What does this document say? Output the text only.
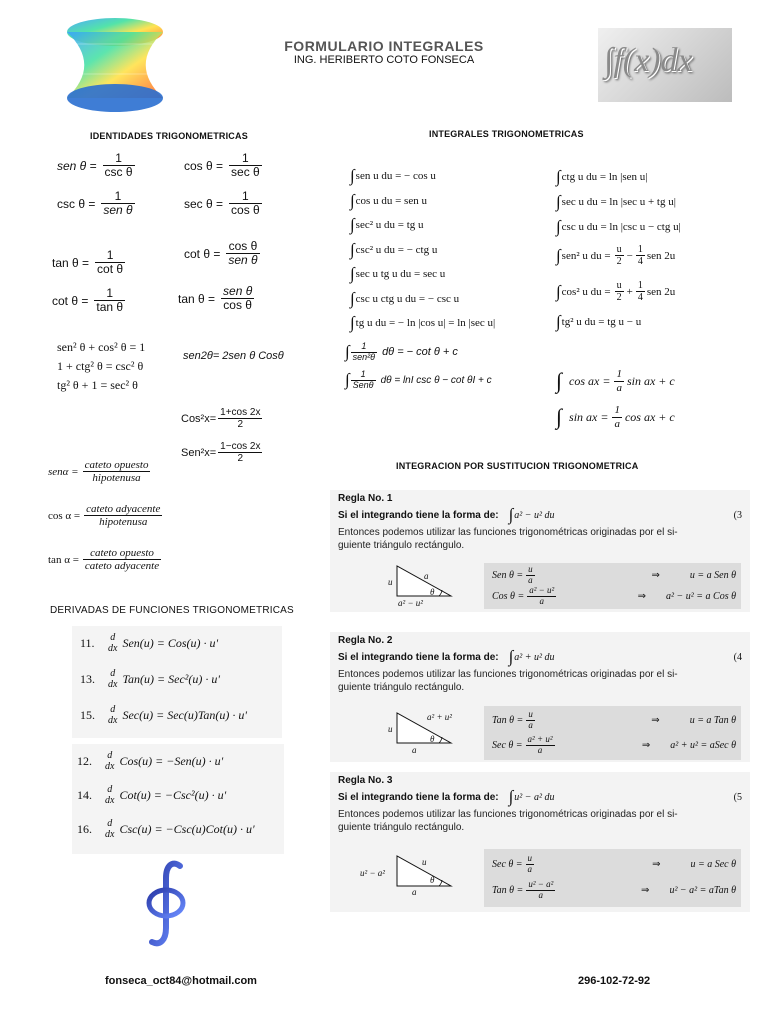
FORMULARIO INTEGRALES
ING. HERIBERTO COTO FONSECA	∫f(x)dx
IDENTIDADES TRIGONOMETRICAS
sen $\theta = \frac{1}{\text{csc θ}}$	$\cos \theta = \frac{1}{\text{sec θ}}$
$\csc \theta = \frac{1}{\text{sen θ}}$	$\sec \theta = \frac{1}{\text{cos θ}}$
$\tan \theta = \frac{1}{\text{cot θ}}$	$\cot \theta = \frac{\text{cos θ}}{\text{sen θ}}$
$\cot \theta = \frac{1}{\text{tan θ}}$	$\tan \theta = \frac{\text{sen θ}}{\text{cos θ}}$
sen² θ + cos² θ = 1
1 + ctg² θ = csc² θ
tg² θ + 1 = sec² θ
sen2θ= 2sen θ Cosθ
$Cos^2x= \frac{1+\cos 2x}{2}$
$Sen^2x= \frac{1-\cos 2x}{2}$
$sen\alpha = \frac{\text{cateto opuesto}}{\text{hipotenusa}}$
$\cos \alpha = \frac{\text{cateto adyacente}}{\text{hipotenusa}}$
$\tan \alpha = \frac{\text{cateto opuesto}}{\text{cateto adyacente}}$
INTEGRALES TRIGONOMETRICAS
∫ sen u du = − cos u
∫ cos u du = sen u
∫ sec² u du = tg u
∫ csc² u du = − ctg u
∫ sec u tg u du = sec u
∫ csc u ctg u du = − csc u
∫ tg u du = − ln |cos u| = ln |sec u|
∫ ctg u du = ln |sen u|
∫ sec u du = ln |sec u + tg u|
∫ csc u du = ln |csc u − ctg u|
∫ sen² u du = $\frac{u}{2} - \frac{1}{4}$ sen 2u
∫ cos² u du = $\frac{u}{2} + \frac{1}{4}$ sen 2u
∫ tg² u du = tg u − u
∫ $\frac{1}{\text{sen²θ}}$ dθ = − cot θ + c
∫ $\frac{1}{\text{Senθ}}$ dθ = lnI csc θ − cot θI + c	∫ cos ax = $\frac{1}{a}$ sin ax + c
∫ sin ax = $\frac{1}{a}$ cos ax + c
INTEGRACION POR SUSTITUCION TRIGONOMETRICA
Regla No. 1
Si el integrando tiene la forma de: ∫ a² − u² du	(3
Entonces podemos utilizar las funciones trigonométricas originadas por el si-
guiente triángulo rectángulo.
u
a
θ
a² − u²
Sen $\theta = \frac{u}{a}$	⇒	u = a Sen θ
Cos $\theta = \frac{\text{a² − u²}}{a}$	⇒ a² − u² = a Cos θ
Regla No. 2
Si el integrando tiene la forma de: ∫ a² + u² du	(4
Entonces podemos utilizar las funciones trigonométricas originadas por el si-
guiente triángulo rectángulo.
u
a² + u²
θ
a
Tan $\theta = \frac{u}{a}$	⇒	u = a Tan θ
Sec $\theta = \frac{\text{a² + u²}}{a}$	⇒ a² + u² = aSec θ
Regla No. 3
Si el integrando tiene la forma de: ∫ u² − a² du	(5
Entonces podemos utilizar las funciones trigonométricas originadas por el si-
guiente triángulo rectángulo.
u² − a²
u
θ
a
Sec $\theta = \frac{u}{a}$	⇒	u = a Sec θ
Tan $\theta = \frac{\text{u² − a²}}{a}$	⇒ u² − a² = aTan θ
DERIVADAS DE FUNCIONES TRIGONOMETRICAS
11.	d
dx Sen(u) = Cos(u) · u'
13.	d
dx Tan(u) = Sec²(u) · u'
15.	d
dx Sec(u) = Sec(u)Tan(u) · u'
12.	d
dx Cos(u) = −Sen(u) · u'
14.	d
dx Cot(u) = −Csc²(u) · u'
16.	d
dx Csc(u) = −Csc(u)Cot(u) · u'
fonseca_oct84@hotmail.com	296-102-72-92
